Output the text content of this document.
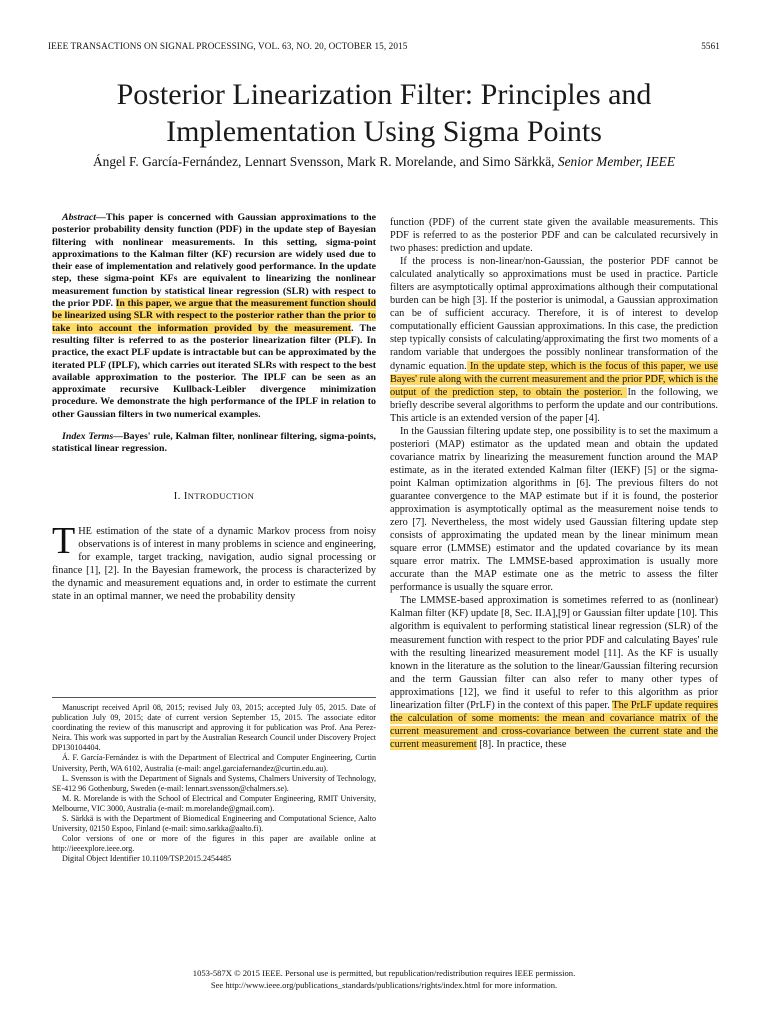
IEEE TRANSACTIONS ON SIGNAL PROCESSING, VOL. 63, NO. 20, OCTOBER 15, 2015	5561
Posterior Linearization Filter: Principles and
Implementation Using Sigma Points
Ángel F. García-Fernández, Lennart Svensson, Mark R. Morelande, and Simo Särkkä, Senior Member, IEEE

Abstract—This paper is concerned with Gaussian approximations to the posterior probability density function (PDF) in the update step of Bayesian filtering with nonlinear measurements. In this setting, sigma-point approximations to the Kalman filter (KF) recursion are widely used due to their ease of implementation and relatively good performance. In the update step, these sigma-point KFs are equivalent to linearizing the nonlinear measurement function by statistical linear regression (SLR) with respect to the prior PDF. In this paper, we argue that the measurement function should be linearized using SLR with respect to the posterior rather than the prior to take into account the information provided by the measurement. The resulting filter is referred to as the posterior linearization filter (PLF). In practice, the exact PLF update is intractable but can be approximated by the iterated PLF (IPLF), which carries out iterated SLRs with respect to the best available approximation to the posterior. The IPLF can be seen as an approximate recursive Kullback-Leibler divergence minimization procedure. We demonstrate the high performance of the IPLF in relation to other Gaussian filters in two numerical examples.

Index Terms—Bayes' rule, Kalman filter, nonlinear filtering, sigma-points, statistical linear regression.

I. INTRODUCTION

THE estimation of the state of a dynamic Markov process from noisy observations is of interest in many problems in science and engineering, for example, target tracking, navigation, audio signal processing or finance [1], [2]. In the Bayesian framework, the process is characterized by the dynamic and measurement equations and, in order to estimate the current state in an optimal manner, we need the probability density

Manuscript received April 08, 2015; revised July 03, 2015; accepted July 05, 2015. Date of publication July 09, 2015; date of current version September 15, 2015. The associate editor coordinating the review of this manuscript and approving it for publication was Prof. Ana Perez-Neira. This work was supported in part by the Australian Research Council under Discovery Project DP130104404.

Á. F. García-Fernández is with the Department of Electrical and Computer Engineering, Curtin University, Perth, WA 6102, Australia (e-mail: angel.garciafernandez@curtin.edu.au).

L. Svensson is with the Department of Signals and Systems, Chalmers University of Technology, SE-412 96 Gothenburg, Sweden (e-mail: lennart.svensson@chalmers.se).

M. R. Morelande is with the School of Electrical and Computer Engineering, RMIT University, Melbourne, VIC 3000, Australia (e-mail: m.morelande@gmail.com).

S. Särkkä is with the Department of Biomedical Engineering and Computational Science, Aalto University, 02150 Espoo, Finland (e-mail: simo.sarkka@aalto.fi).

Color versions of one or more of the figures in this paper are available online at http://ieeexplore.ieee.org.

Digital Object Identifier 10.1109/TSP.2015.2454485

function (PDF) of the current state given the available measurements. This PDF is referred to as the posterior PDF and can be calculated recursively in two phases: prediction and update.

If the process is non-linear/non-Gaussian, the posterior PDF cannot be calculated analytically so approximations must be used in practice. Particle filters are asymptotically optimal approximations although their computational burden can be high [3]. If the posterior is unimodal, a Gaussian approximation can be of sufficient accuracy. Therefore, it is of interest to develop computationally efficient Gaussian approximations. In this case, the prediction step typically consists of calculating/approximating the first two moments of a random variable that undergoes the possibly nonlinear transformation of the dynamic equation. In the update step, which is the focus of this paper, we use Bayes' rule along with the current measurement and the prior PDF, which is the output of the prediction step, to obtain the posterior. In the following, we briefly describe several algorithms to perform the update and our contributions. This article is an extended version of the paper [4].

In the Gaussian filtering update step, one possibility is to set the maximum a posteriori (MAP) estimator as the updated mean and obtain the updated covariance matrix by linearizing the measurement function around the MAP estimate, as in the iterated extended Kalman filter (IEKF) [5] or the sigma-point Kalman optimization algorithms in [6]. The previous filters do not guarantee convergence to the MAP estimate but if it is found, the posterior approximation is asymptotically optimal as the measurement noise tends to zero [7]. Nevertheless, the most widely used Gaussian filtering update step consists of approximating the updated mean by the linear minimum mean square error (LMMSE) estimator and the updated covariance by its mean square error matrix. The LMMSE-based approximation is usually more accurate than the MAP estimate one as the metric to assess the filter performance is usually the square error.

The LMMSE-based approximation is sometimes referred to as (nonlinear) Kalman filter (KF) update [8, Sec. II.A],[9] or Gaussian filter update [10]. This algorithm is equivalent to performing statistical linear regression (SLR) of the measurement function with respect to the prior PDF and calculating Bayes' rule with the resulting linearized measurement model [11]. As the KF is usually known in the literature as the solution to the linear/Gaussian filtering recursion and the term Gaussian filter can also refer to many other types of approximations [12], we find it useful to refer to this algorithm as prior linearization filter (PrLF) in the context of this paper. The PrLF update requires the calculation of some moments: the mean and covariance matrix of the current measurement and cross-covariance between the current state and the current measurement [8]. In practice, these

1053-587X © 2015 IEEE. Personal use is permitted, but republication/redistribution requires IEEE permission.
See http://www.ieee.org/publications_standards/publications/rights/index.html for more information.
